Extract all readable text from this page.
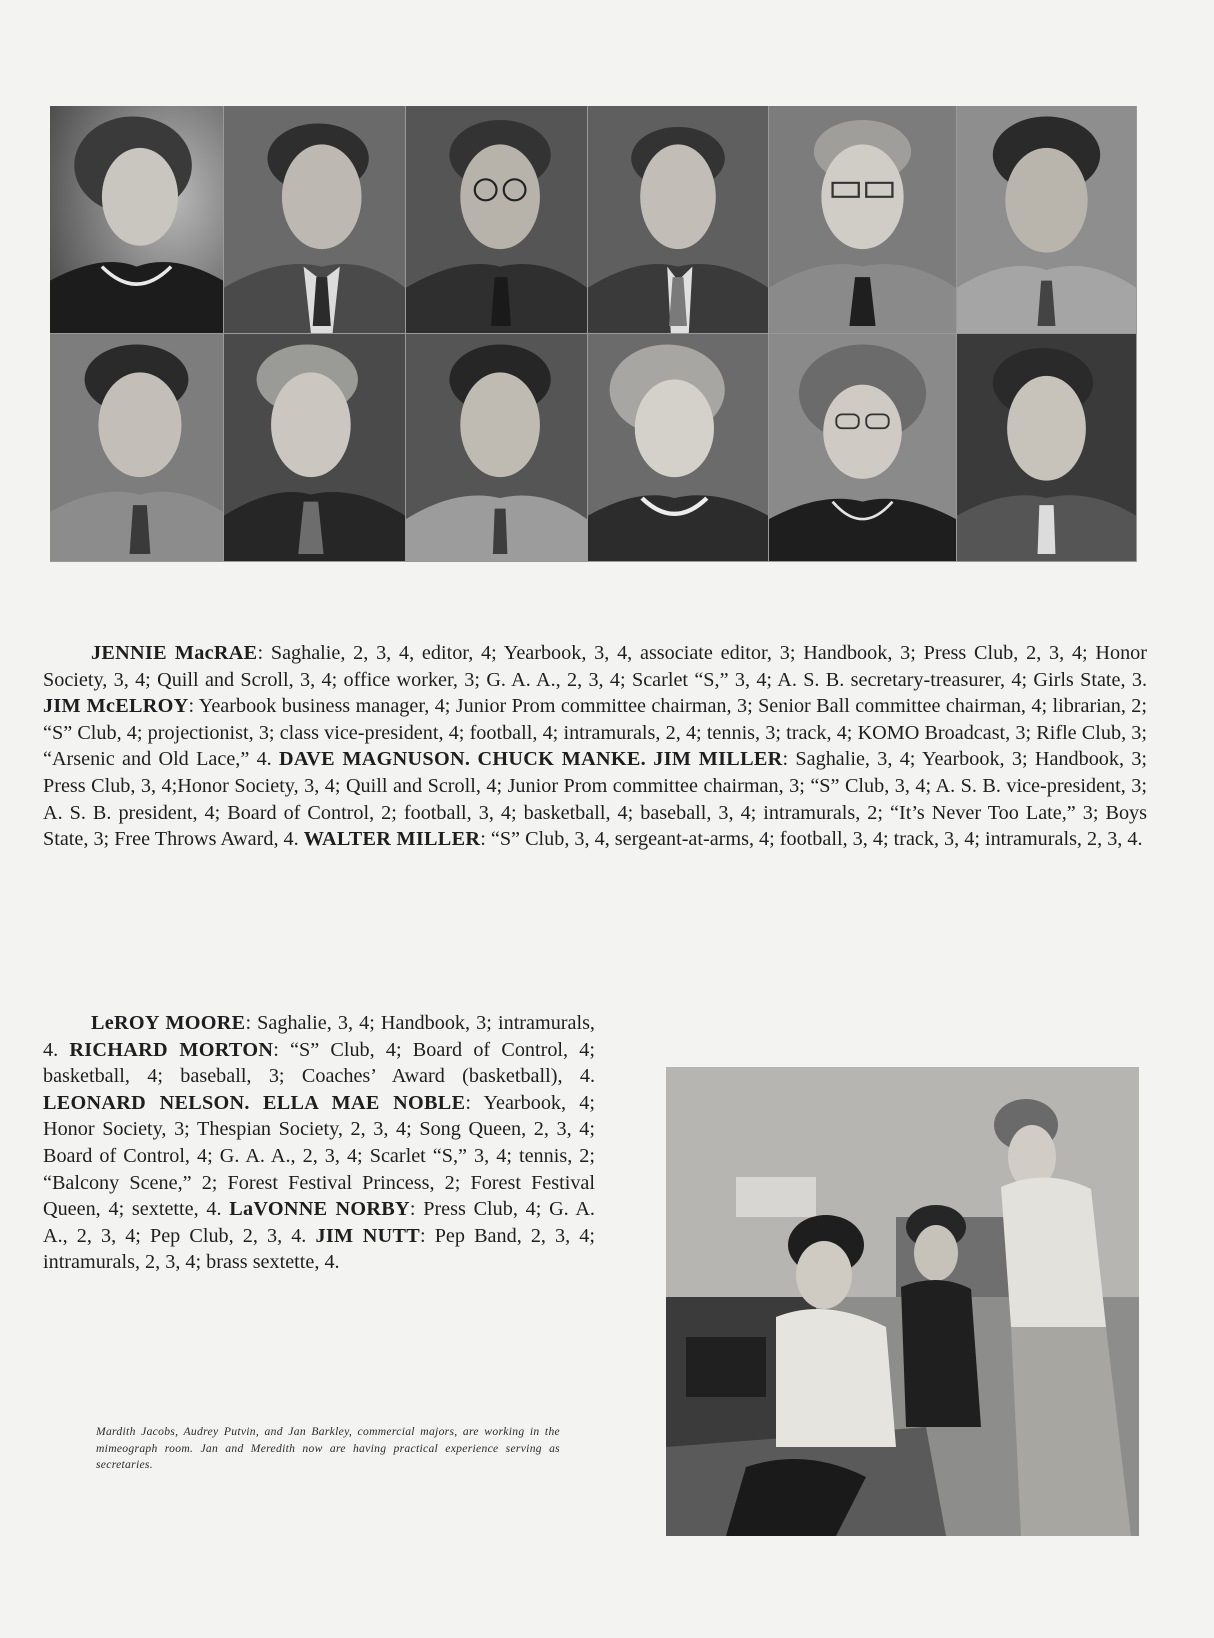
JENNIE MacRAE: Saghalie, 2, 3, 4, editor, 4; Yearbook, 3, 4, associate editor, 3; Handbook, 3; Press Club, 2, 3, 4; Honor Society, 3, 4; Quill and Scroll, 3, 4; office worker, 3; G. A. A., 2, 3, 4; Scarlet “S,” 3, 4; A. S. B. secretary-treasurer, 4; Girls State, 3. JIM McELROY: Yearbook business manager, 4; Junior Prom committee chairman, 3; Senior Ball committee chairman, 4; librarian, 2; “S” Club, 4; projectionist, 3; class vice-president, 4; football, 4; intramurals, 2, 4; tennis, 3; track, 4; KOMO Broadcast, 3; Rifle Club, 3; “Arsenic and Old Lace,” 4. DAVE MAGNUSON. CHUCK MANKE. JIM MILLER: Saghalie, 3, 4; Yearbook, 3; Handbook, 3; Press Club, 3, 4;Honor Society, 3, 4; Quill and Scroll, 4; Junior Prom committee chairman, 3; “S” Club, 3, 4; A. S. B. vice-president, 3; A. S. B. president, 4; Board of Control, 2; football, 3, 4; basketball, 4; baseball, 3, 4; intramurals, 2; “It’s Never Too Late,” 3; Boys State, 3; Free Throws Award, 4. WALTER MILLER: “S” Club, 3, 4, sergeant-at-arms, 4; football, 3, 4; track, 3, 4; intramurals, 2, 3, 4.

LeROY MOORE: Saghalie, 3, 4; Handbook, 3; intramurals, 4. RICHARD MORTON: “S” Club, 4; Board of Control, 4; basketball, 4; baseball, 3; Coaches’ Award (basketball), 4. LEONARD NELSON. ELLA MAE NOBLE: Yearbook, 4; Honor Society, 3; Thespian Society, 2, 3, 4; Song Queen, 2, 3, 4; Board of Control, 4; G. A. A., 2, 3, 4; Scarlet “S,” 3, 4; tennis, 2; “Balcony Scene,” 2; Forest Festival Princess, 2; Forest Festival Queen, 4; sextette, 4. LaVONNE NORBY: Press Club, 4; G. A. A., 2, 3, 4; Pep Club, 2, 3, 4. JIM NUTT: Pep Band, 2, 3, 4; intramurals, 2, 3, 4; brass sextette, 4.

Mardith Jacobs, Audrey Putvin, and Jan Barkley, commercial majors, are working in the mimeograph room. Jan and Meredith now are having practical experience serving as secretaries.
